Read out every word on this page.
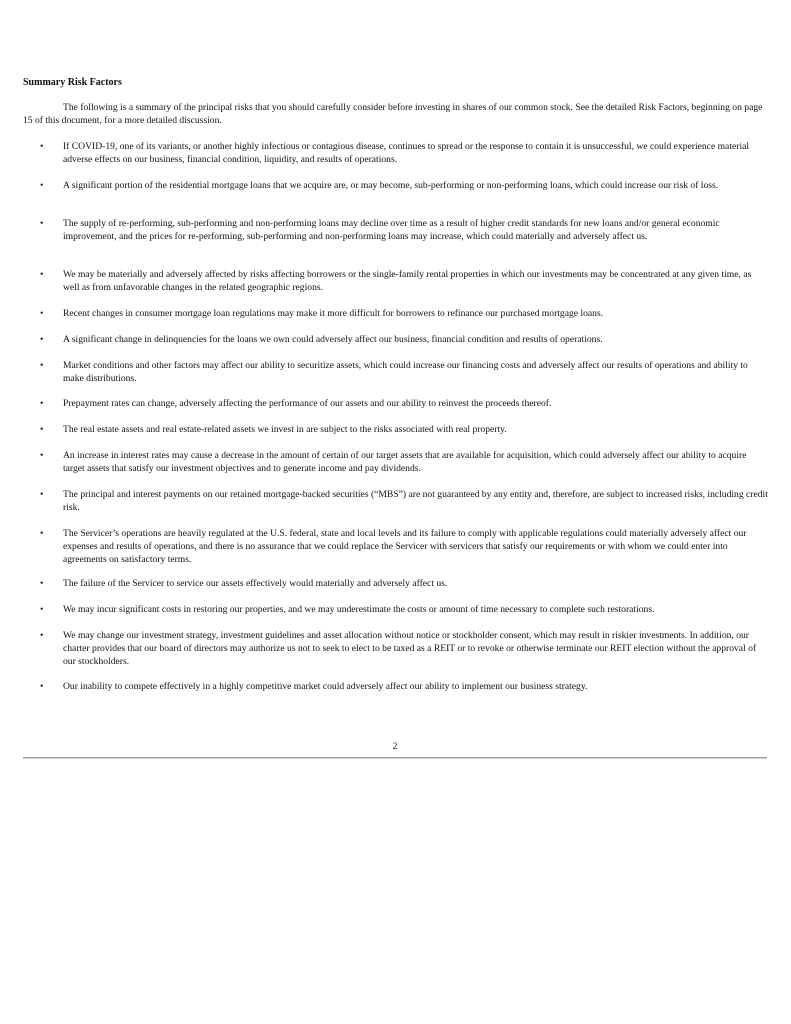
Summary Risk Factors

The following is a summary of the principal risks that you should carefully consider before investing in shares of our common stock. See the detailed Risk Factors, beginning on page 15 of this document, for a more detailed discussion.

• If COVID-19, one of its variants, or another highly infectious or contagious disease, continues to spread or the response to contain it is unsuccessful, we could experience material adverse effects on our business, financial condition, liquidity, and results of operations.
• A significant portion of the residential mortgage loans that we acquire are, or may become, sub-performing or non-performing loans, which could increase our risk of loss.
• The supply of re-performing, sub-performing and non-performing loans may decline over time as a result of higher credit standards for new loans and/or general economic improvement, and the prices for re-performing, sub-performing and non-performing loans may increase, which could materially and adversely affect us.
• We may be materially and adversely affected by risks affecting borrowers or the single-family rental properties in which our investments may be concentrated at any given time, as well as from unfavorable changes in the related geographic regions.
• Recent changes in consumer mortgage loan regulations may make it more difficult for borrowers to refinance our purchased mortgage loans.
• A significant change in delinquencies for the loans we own could adversely affect our business, financial condition and results of operations.
• Market conditions and other factors may affect our ability to securitize assets, which could increase our financing costs and adversely affect our results of operations and ability to make distributions.
• Prepayment rates can change, adversely affecting the performance of our assets and our ability to reinvest the proceeds thereof.
• The real estate assets and real estate-related assets we invest in are subject to the risks associated with real property.
• An increase in interest rates may cause a decrease in the amount of certain of our target assets that are available for acquisition, which could adversely affect our ability to acquire target assets that satisfy our investment objectives and to generate income and pay dividends.
• The principal and interest payments on our retained mortgage-backed securities (“MBS”) are not guaranteed by any entity and, therefore, are subject to increased risks, including credit risk.
• The Servicer’s operations are heavily regulated at the U.S. federal, state and local levels and its failure to comply with applicable regulations could materially adversely affect our expenses and results of operations, and there is no assurance that we could replace the Servicer with servicers that satisfy our requirements or with whom we could enter into agreements on satisfactory terms.
• The failure of the Servicer to service our assets effectively would materially and adversely affect us.
• We may incur significant costs in restoring our properties, and we may underestimate the costs or amount of time necessary to complete such restorations.
• We may change our investment strategy, investment guidelines and asset allocation without notice or stockholder consent, which may result in riskier investments. In addition, our charter provides that our board of directors may authorize us not to seek to elect to be taxed as a REIT or to revoke or otherwise terminate our REIT election without the approval of our stockholders.
• Our inability to compete effectively in a highly competitive market could adversely affect our ability to implement our business strategy.
2
